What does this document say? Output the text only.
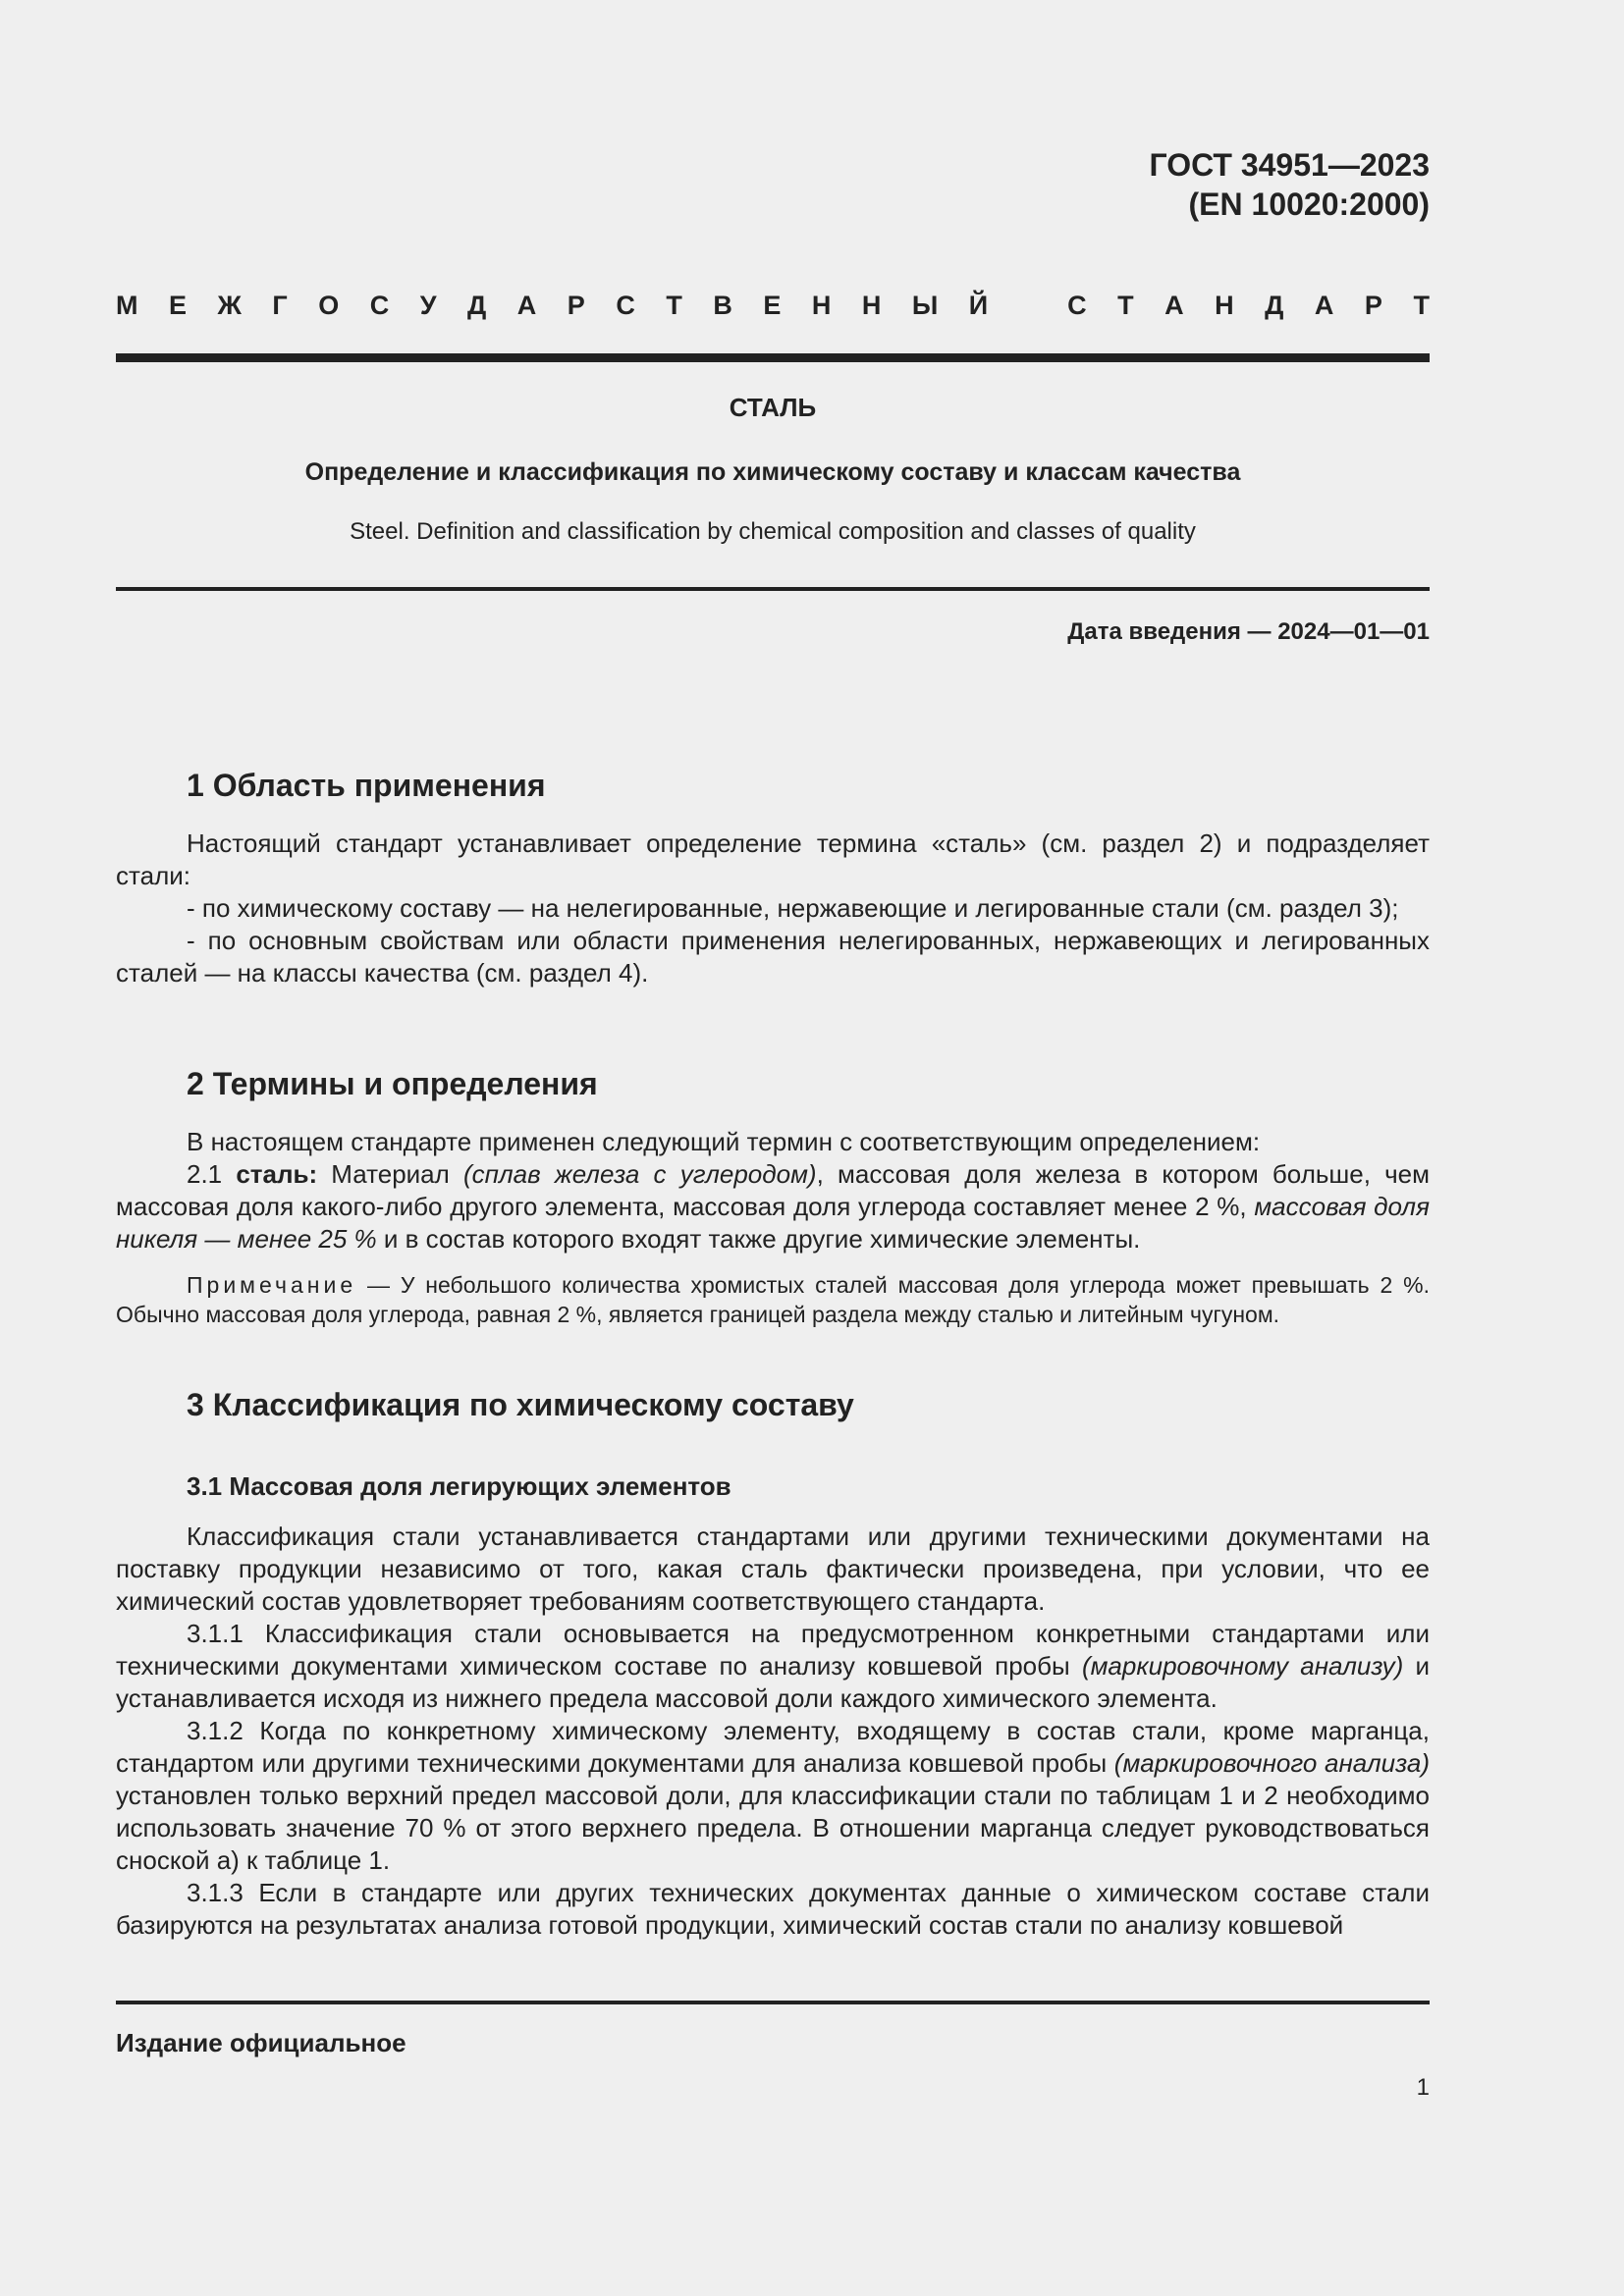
ГОСТ 34951—2023
(EN 10020:2000)
М Е Ж Г О С У Д А Р С Т В Е Н Н Ы Й	С Т А Н Д А Р Т
СТАЛЬ
Определение и классификация по химическому составу и классам качества
Steel. Definition and classification by chemical composition and classes of quality
Дата введения — 2024—01—01
1 Область применения

Настоящий стандарт устанавливает определение термина «сталь» (см. раздел 2) и подразделяет стали:

- по химическому составу — на нелегированные, нержавеющие и легированные стали (см. раздел 3);

- по основным свойствам или области применения нелегированных, нержавеющих и легированных сталей — на классы качества (см. раздел 4).

2 Термины и определения

В настоящем стандарте применен следующий термин с соответствующим определением:

2.1 сталь: Материал (сплав железа с углеродом), массовая доля железа в котором больше, чем массовая доля какого-либо другого элемента, массовая доля углерода составляет менее 2 %, массовая доля никеля — менее 25 % и в состав которого входят также другие химические элементы.

Примечание — У небольшого количества хромистых сталей массовая доля углерода может превышать 2 %. Обычно массовая доля углерода, равная 2 %, является границей раздела между сталью и литейным чугуном.

3 Классификация по химическому составу
3.1 Массовая доля легирующих элементов

Классификация стали устанавливается стандартами или другими техническими документами на поставку продукции независимо от того, какая сталь фактически произведена, при условии, что ее химический состав удовлетворяет требованиям соответствующего стандарта.

3.1.1 Классификация стали основывается на предусмотренном конкретными стандартами или техническими документами химическом составе по анализу ковшевой пробы (маркировочному анализу) и устанавливается исходя из нижнего предела массовой доли каждого химического элемента.

3.1.2 Когда по конкретному химическому элементу, входящему в состав стали, кроме марганца, стандартом или другими техническими документами для анализа ковшевой пробы (маркировочного анализа) установлен только верхний предел массовой доли, для классификации стали по таблицам 1 и 2 необходимо использовать значение 70 % от этого верхнего предела. В отношении марганца следует руководствоваться сноской а) к таблице 1.

3.1.3 Если в стандарте или других технических документах данные о химическом составе стали базируются на результатах анализа готовой продукции, химический состав стали по анализу ковшевой

Издание официальное
1
